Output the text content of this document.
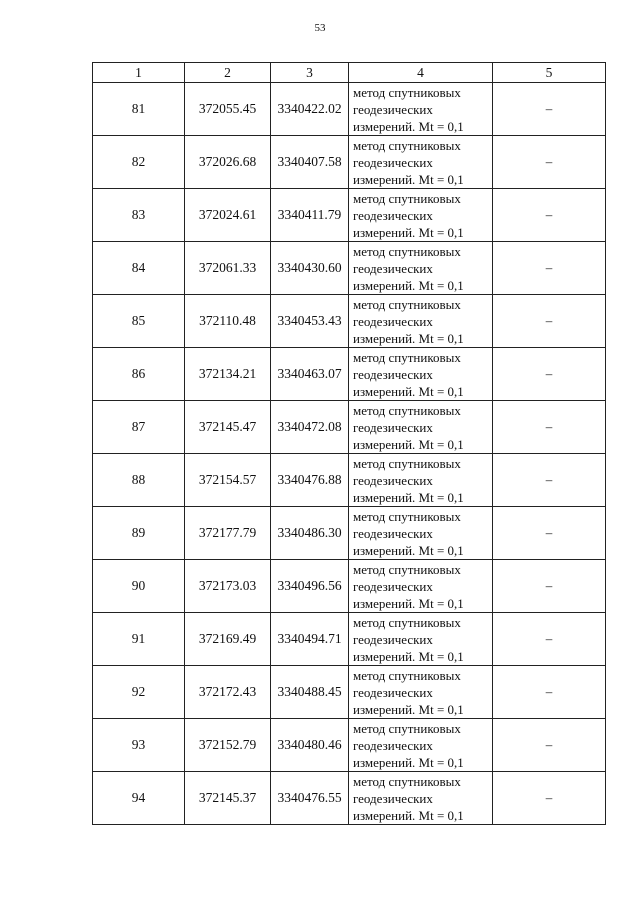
53
1	2	3	4	5
81	372055.45	3340422.02	метод спутниковых
геодезических
измерений. Mt = 0,1	–
82	372026.68	3340407.58	метод спутниковых
геодезических
измерений. Mt = 0,1	–
83	372024.61	3340411.79	метод спутниковых
геодезических
измерений. Mt = 0,1	–
84	372061.33	3340430.60	метод спутниковых
геодезических
измерений. Mt = 0,1	–
85	372110.48	3340453.43	метод спутниковых
геодезических
измерений. Mt = 0,1	–
86	372134.21	3340463.07	метод спутниковых
геодезических
измерений. Mt = 0,1	–
87	372145.47	3340472.08	метод спутниковых
геодезических
измерений. Mt = 0,1	–
88	372154.57	3340476.88	метод спутниковых
геодезических
измерений. Mt = 0,1	–
89	372177.79	3340486.30	метод спутниковых
геодезических
измерений. Mt = 0,1	–
90	372173.03	3340496.56	метод спутниковых
геодезических
измерений. Mt = 0,1	–
91	372169.49	3340494.71	метод спутниковых
геодезических
измерений. Mt = 0,1	–
92	372172.43	3340488.45	метод спутниковых
геодезических
измерений. Mt = 0,1	–
93	372152.79	3340480.46	метод спутниковых
геодезических
измерений. Mt = 0,1	–
94	372145.37	3340476.55	метод спутниковых
геодезических
измерений. Mt = 0,1	–
